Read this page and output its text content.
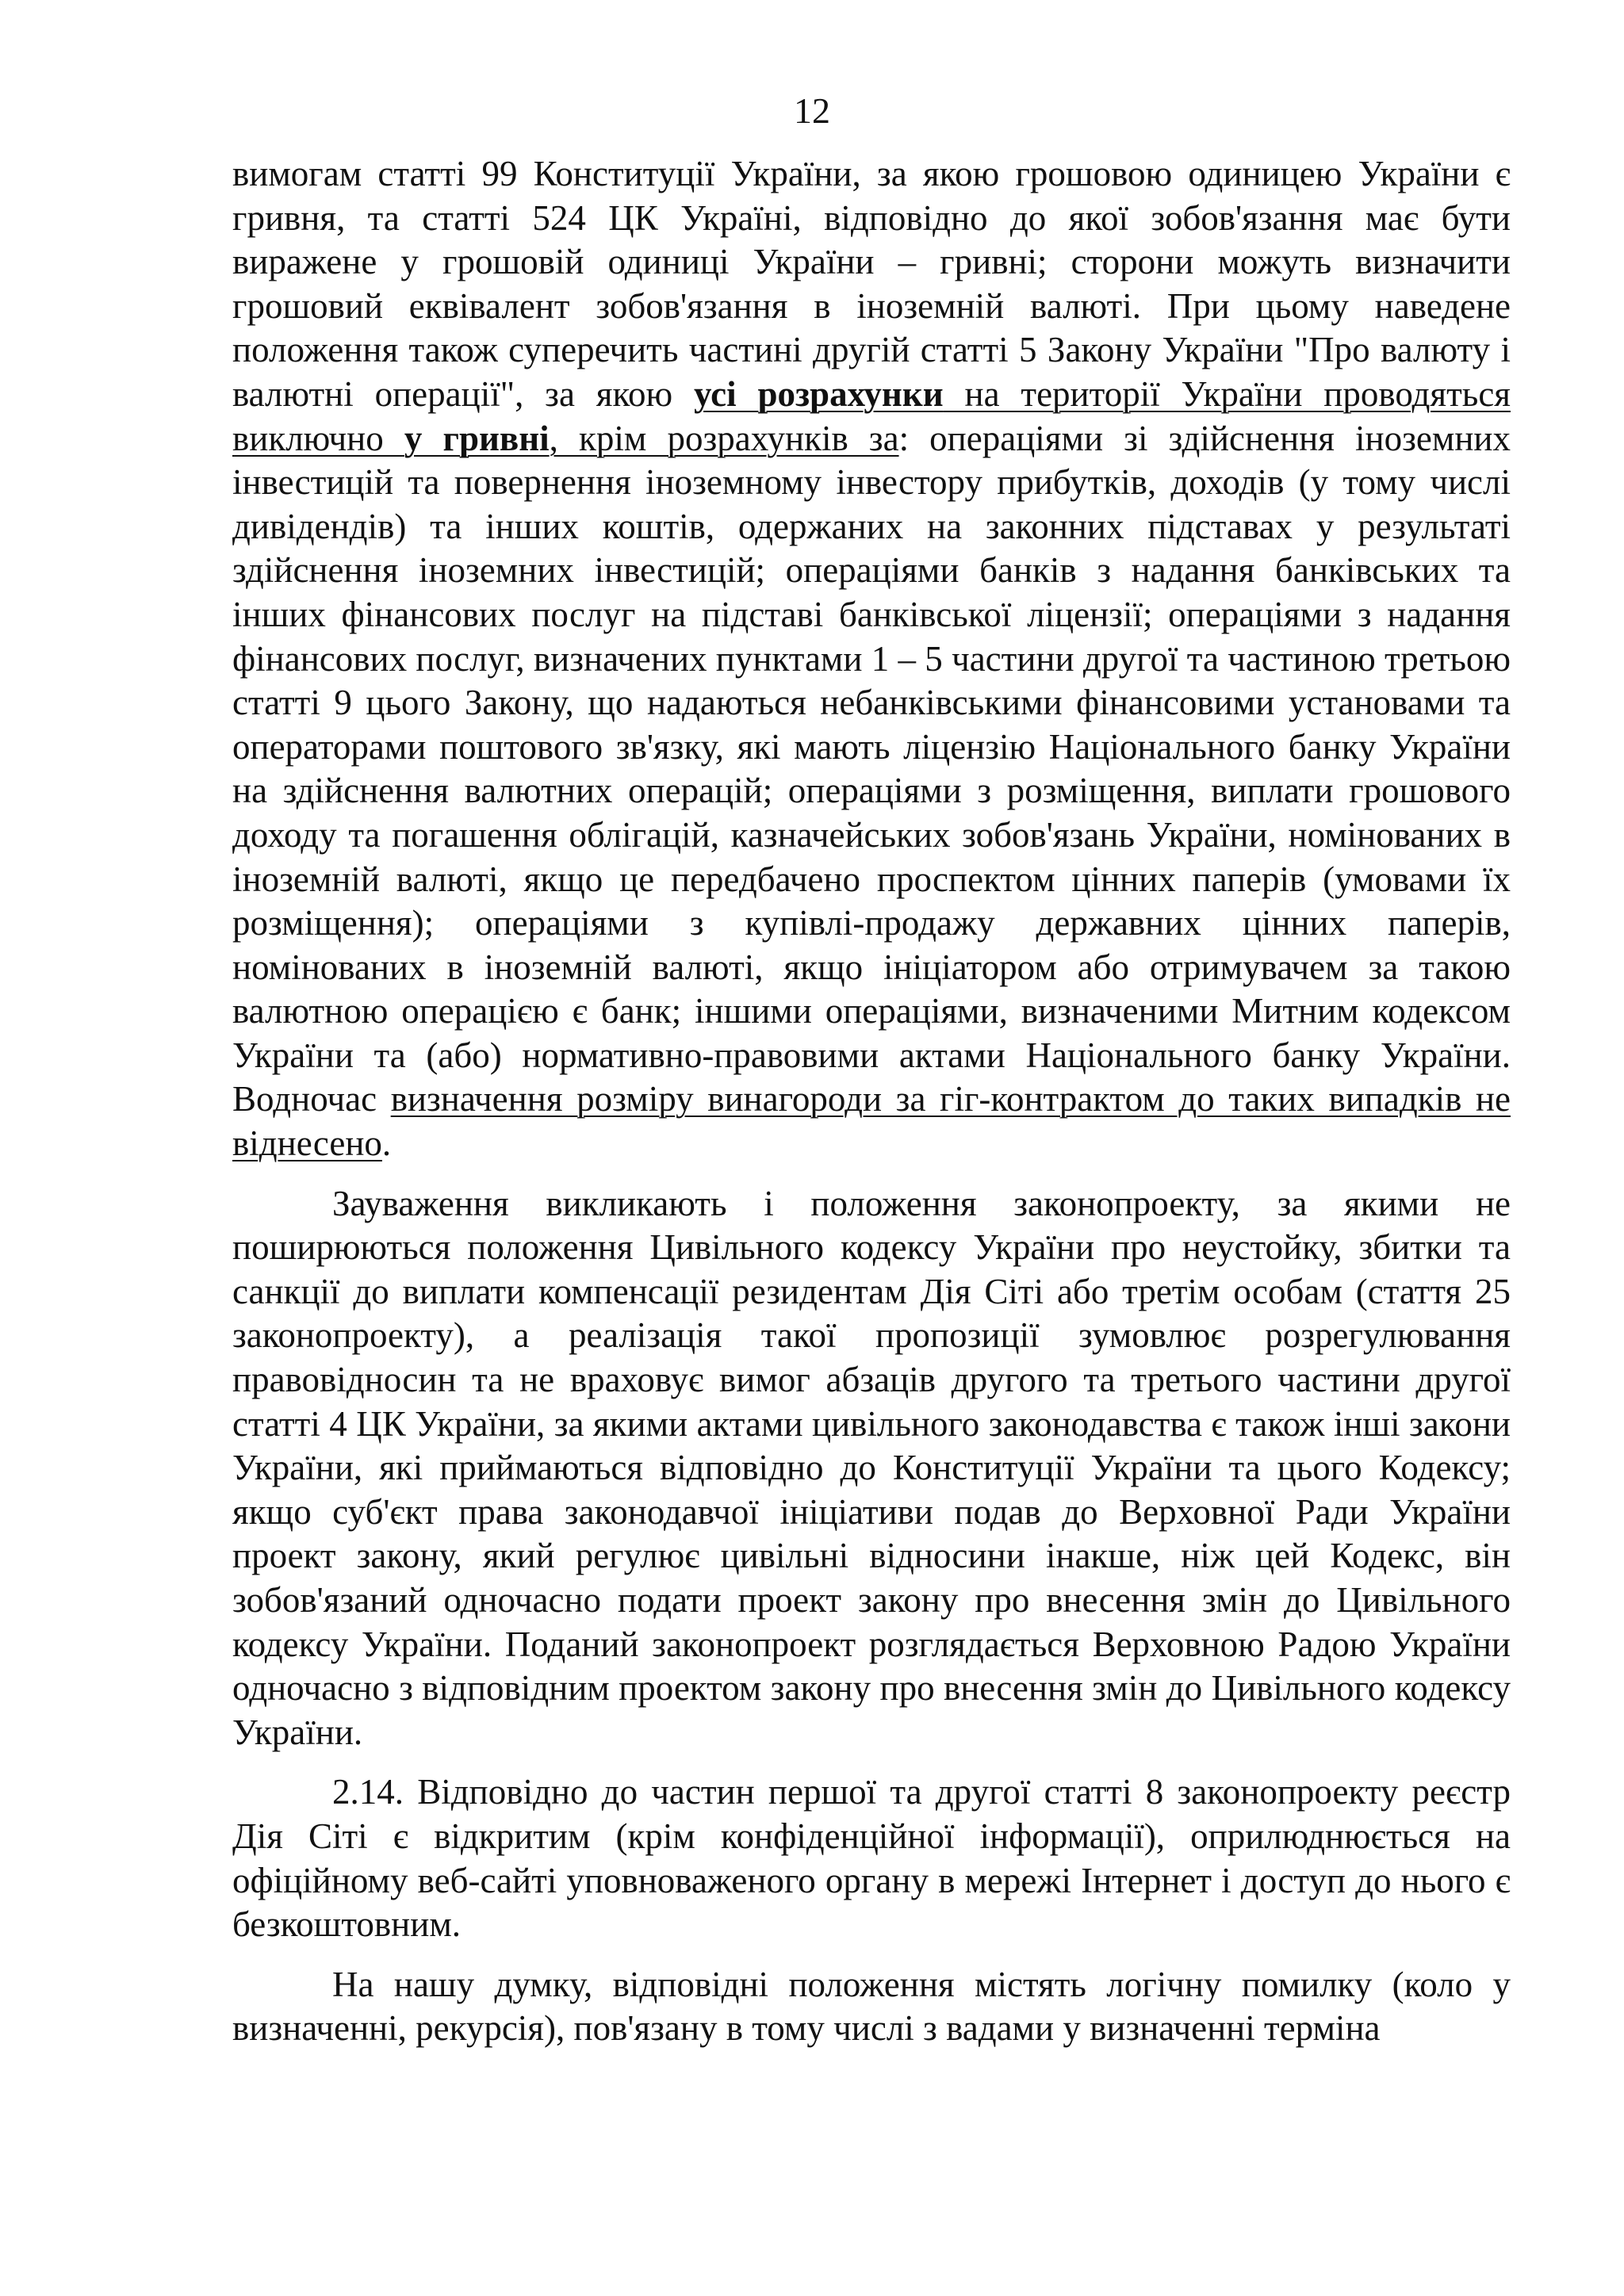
12

вимогам статті 99 Конституції України, за якою грошовою одиницею України є гривня, та статті 524 ЦК Україні, відповідно до якої зобов'язання має бути виражене у грошовій одиниці України – гривні; сторони можуть визначити грошовий еквівалент зобов'язання в іноземній валюті. При цьому наведене положення також суперечить частині другій статті 5 Закону України "Про валюту і валютні операції", за якою усі розрахунки на території України проводяться виключно у гривні, крім розрахунків за: операціями зі здійснення іноземних інвестицій та повернення іноземному інвестору прибутків, доходів (у тому числі дивідендів) та інших коштів, одержаних на законних підставах у результаті здійснення іноземних інвестицій; операціями банків з надання банківських та інших фінансових послуг на підставі банківської ліцензії; операціями з надання фінансових послуг, визначених пунктами 1 – 5 частини другої та частиною третьою статті 9 цього Закону, що надаються небанківськими фінансовими установами та операторами поштового зв'язку, які мають ліцензію Національного банку України на здійснення валютних операцій; операціями з розміщення, виплати грошового доходу та погашення облігацій, казначейських зобов'язань України, номінованих в іноземній валюті, якщо це передбачено проспектом цінних паперів (умовами їх розміщення); операціями з купівлі-продажу державних цінних паперів, номінованих в іноземній валюті, якщо ініціатором або отримувачем за такою валютною операцією є банк; іншими операціями, визначеними Митним кодексом України та (або) нормативно-правовими актами Національного банку України. Водночас визначення розміру винагороди за гіг-контрактом до таких випадків не віднесено.

Зауваження викликають і положення законопроекту, за якими не поширюються положення Цивільного кодексу України про неустойку, збитки та санкції до виплати компенсації резидентам Дія Сіті або третім особам (стаття 25 законопроекту), а реалізація такої пропозиції зумовлює розрегулювання правовідносин та не враховує вимог абзаців другого та третього частини другої статті 4 ЦК України, за якими актами цивільного законодавства є також інші закони України, які приймаються відповідно до Конституції України та цього Кодексу; якщо суб'єкт права законодавчої ініціативи подав до Верховної Ради України проект закону, який регулює цивільні відносини інакше, ніж цей Кодекс, він зобов'язаний одночасно подати проект закону про внесення змін до Цивільного кодексу України. Поданий законопроект розглядається Верховною Радою України одночасно з відповідним проектом закону про внесення змін до Цивільного кодексу України.

2.14. Відповідно до частин першої та другої статті 8 законопроекту реєстр Дія Сіті є відкритим (крім конфіденційної інформації), оприлюднюється на офіційному веб-сайті уповноваженого органу в мережі Інтернет і доступ до нього є безкоштовним.

На нашу думку, відповідні положення містять логічну помилку (коло у визначенні, рекурсія), пов'язану в тому числі з вадами у визначенні терміна
